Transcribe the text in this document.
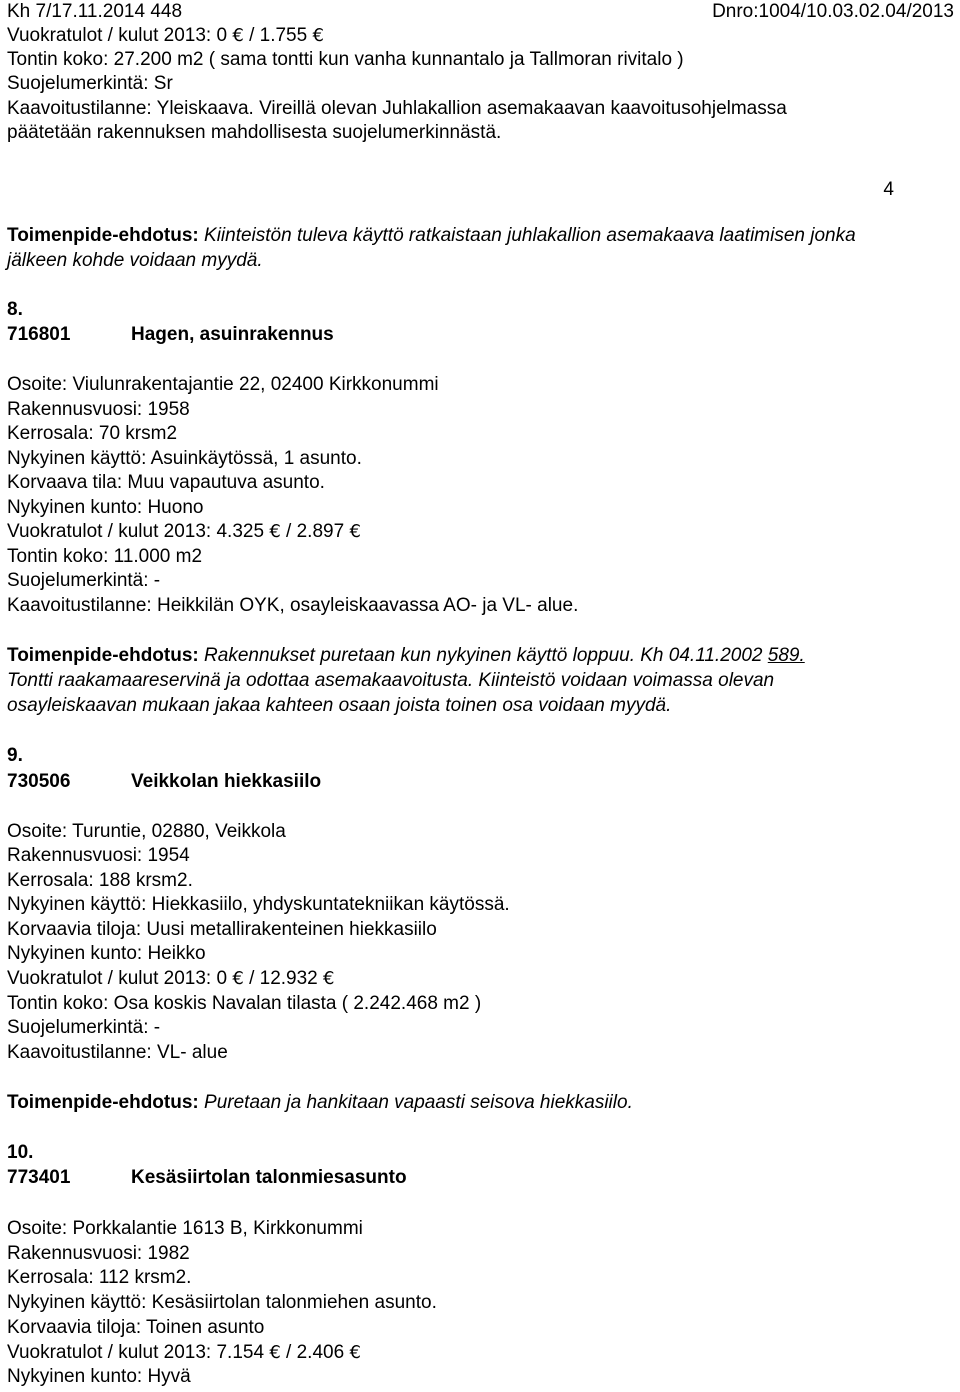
Kh 7/17.11.2014 448	Dnro:1004/10.03.02.04/2013
Vuokratulot / kulut 2013: 0 € / 1.755 €
Tontin koko: 27.200 m2 ( sama tontti kun vanha kunnantalo ja Tallmoran rivitalo )
Suojelumerkintä: Sr
Kaavoitustilanne: Yleiskaava. Vireillä olevan Juhlakallion asemakaavan kaavoitusohjelmassa
päätetään rakennuksen mahdollisesta suojelumerkinnästä.
4
Toimenpide-ehdotus: Kiinteistön tuleva käyttö ratkaistaan juhlakallion asemakaava laatimisen jonka
jälkeen kohde voidaan myydä.
8.
716801	Hagen, asuinrakennus
Osoite: Viulunrakentajantie 22, 02400 Kirkkonummi
Rakennusvuosi: 1958
Kerrosala: 70 krsm2
Nykyinen käyttö: Asuinkäytössä, 1 asunto.
Korvaava tila: Muu vapautuva asunto.
Nykyinen kunto: Huono
Vuokratulot / kulut 2013: 4.325 € / 2.897 €
Tontin koko: 11.000 m2
Suojelumerkintä: -
Kaavoitustilanne: Heikkilän OYK, osayleiskaavassa AO- ja VL- alue.
Toimenpide-ehdotus: Rakennukset puretaan kun nykyinen käyttö loppuu. Kh 04.11.2002 589.
Tontti raakamaareservinä ja odottaa asemakaavoitusta. Kiinteistö voidaan voimassa olevan
osayleiskaavan mukaan jakaa kahteen osaan joista toinen osa voidaan myydä.
9.
730506	Veikkolan hiekkasiilo
Osoite: Turuntie, 02880, Veikkola
Rakennusvuosi: 1954
Kerrosala: 188 krsm2.
Nykyinen käyttö: Hiekkasiilo, yhdyskuntatekniikan käytössä.
Korvaavia tiloja: Uusi metallirakenteinen hiekkasiilo
Nykyinen kunto: Heikko
Vuokratulot / kulut 2013: 0 € / 12.932 €
Tontin koko: Osa koskis Navalan tilasta ( 2.242.468 m2 )
Suojelumerkintä: -
Kaavoitustilanne: VL- alue
Toimenpide-ehdotus: Puretaan ja hankitaan vapaasti seisova hiekkasiilo.
10.
773401	Kesäsiirtolan talonmiesasunto
Osoite: Porkkalantie 1613 B, Kirkkonummi
Rakennusvuosi: 1982
Kerrosala: 112 krsm2.
Nykyinen käyttö: Kesäsiirtolan talonmiehen asunto.
Korvaavia tiloja: Toinen asunto
Vuokratulot / kulut 2013: 7.154 € / 2.406 €
Nykyinen kunto: Hyvä
